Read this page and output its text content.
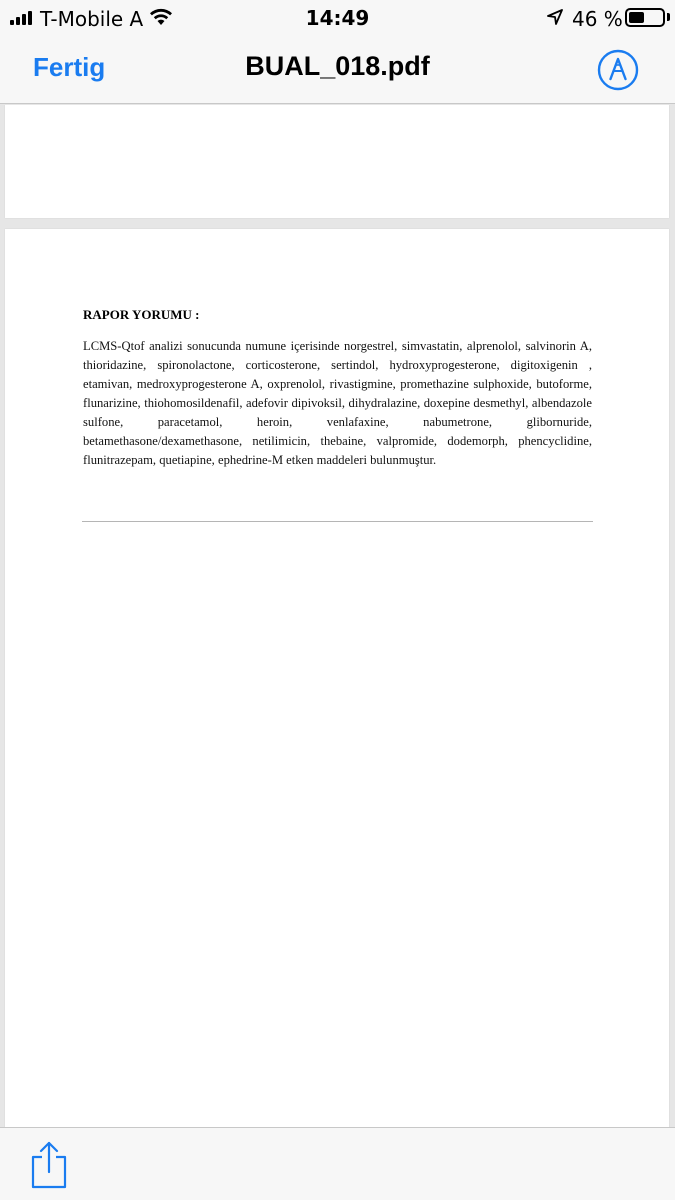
T-Mobile A	14:49	46 %
Fertig	BUAL_018.pdf
RAPOR YORUMU :
LCMS-Qtof analizi sonucunda numune içerisinde norgestrel, simvastatin, alprenolol, salvinorin A, thioridazine, spironolactone, corticosterone, sertindol, hydroxyprogesterone, digitoxigenin , etamivan, medroxyprogesterone A, oxprenolol, rivastigmine, promethazine sulphoxide, butoforme, flunarizine, thiohomosildenafil, adefovir dipivoksil, dihydralazine, doxepine desmethyl, albendazole sulfone, paracetamol, heroin, venlafaxine, nabumetrone, glibornuride, betamethasone/dexamethasone, netilimicin, thebaine, valpromide, dodemorph, phencyclidine, flunitrazepam, quetiapine, ephedrine-M etken maddeleri bulunmuştur.
